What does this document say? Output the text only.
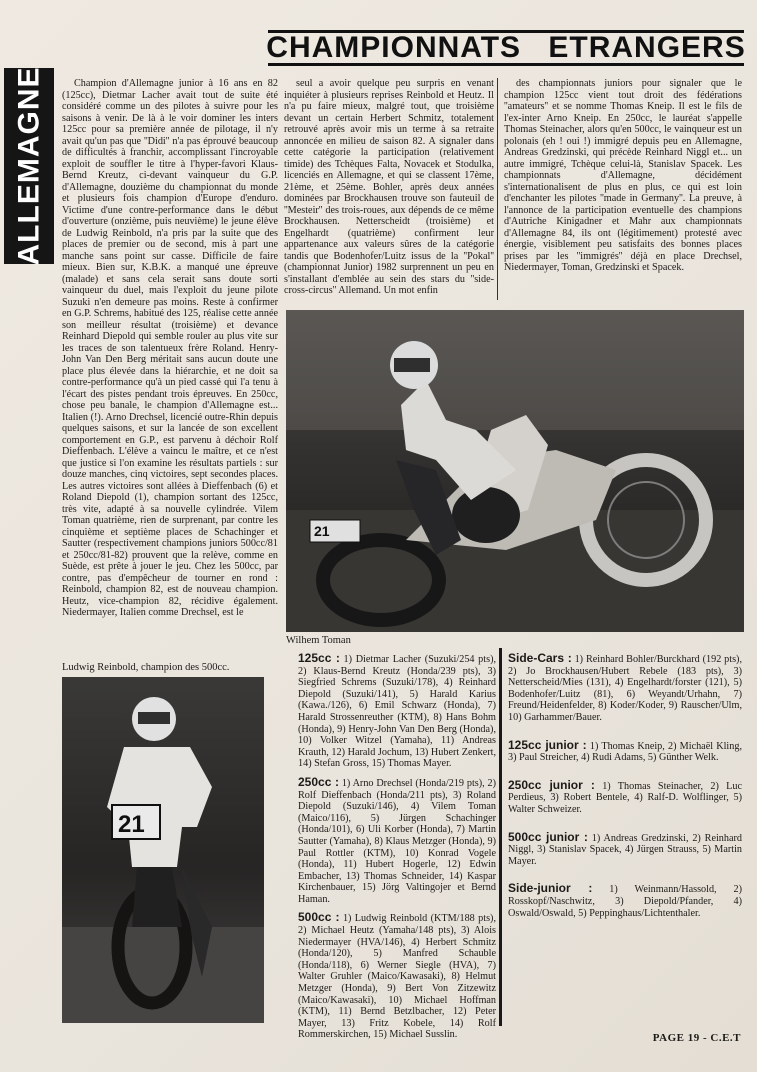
CHAMPIONNATS ETRANGERS
ALLEMAGNE	Champion d'Allemagne junior à 16 ans en 82 (125cc), Dietmar Lacher avait tout de suite été considéré comme un des pilotes à suivre pour les saisons à venir. De là à le voir dominer les inters 125cc pour sa première année de pilotage, il n'y avait qu'un pas que ''Didi'' n'a pas éprouvé beaucoup de difficultés à franchir, accomplissant l'incroyable exploit de souffler le titre à l'hyper-favori Klaus-Bernd Kreutz, ci-devant vainqueur du G.P. d'Allemagne, douzième du championnat du monde et plusieurs fois champion d'Europe d'enduro. Victime d'une contre-performance dans le début d'ouverture (onzième, puis neuvième) le jeune élève de Ludwig Reinbold, n'a pris par la suite que des places de premier ou de second, mis à part une manche sans point sur casse. Difficile de faire mieux. Bien sur, K.B.K. a manqué une épreuve (malade) et sans cela serait sans doute sorti vainqueur du duel, mais l'exploit du jeune pilote Suzuki n'en demeure pas moins. Reste à confirmer en G.P. Schrems, habitué des 125, réalise cette année son meilleur résultat (troisième) et devance Reinhard Diepold qui semble rouler au plus vite sur les traces de son talentueux frère Roland. Henry-John Van Den Berg méritait sans aucun doute une place plus élevée dans la hiérarchie, et ne doit sa contre-performance qu'à un pied cassé qui l'a tenu à l'écart des pistes pendant trois épreuves. En 250cc, chose peu banale, le champion d'Allemagne est... Italien (!). Arno Drechsel, licencié outre-Rhin depuis quelques saisons, et sur la lancée de son excellent comportement en G.P., est parvenu à déchoir Rolf Dieffenbach. L'élève a vaincu le maître, et ce n'est que justice si l'on examine les résultats partiels : sur douze manches, cinq victoires, sept secondes places. Les autres victoires sont allées à Dieffenbach (6) et Roland Diepold (1), champion sortant des 125cc, très vite, adapté à sa nouvelle cylindrée. Vilem Toman quatrième, rien de surprenant, par contre les cinquième et septième places de Schachinger et Sautter (respectivement champions juniors 500cc/81 et 250cc/81-82) prouvent que la relève, comme en Suède, est prête à jouer le jeu. Chez les 500cc, par contre, pas d'empêcheur de tourner en rond : Reinbold, champion 82, est de nouveau champion. Heutz, vice-champion 82, récidive également. Niedermayer, Italien comme Drechsel, est le

seul a avoir quelque peu surpris en venant inquiéter à plusieurs reprises Reinbold et Heutz. Il n'a pu faire mieux, malgré tout, que troisième devant un certain Herbert Schmitz, totalement retrouvé après avoir mis un terme à sa retraite annoncée en milieu de saison 82. A signaler dans cette catégorie la participation (relativement timide) des Tchèques Falta, Novacek et Stodulka, licenciés en Allemagne, et qui se classent 17ème, 21ème, et 25ème. Bohler, après deux années dominées par Brockhausen trouve son fauteuil de ''Mesteir'' des trois-roues, aux dépends de ce même Brockhausen. Netterscheidt (troisième) et Engelhardt (quatrième) confirment leur appartenance aux valeurs sûres de la catégorie tandis que Bodenhofer/Luitz issus de la ''Pokal'' (championnat Junior) 1982 surprennent un peu en s'installant d'emblée au sein des stars du ''side-cross-circus'' Allemand. Un mot enfin

des championnats juniors pour signaler que le champion 125cc vient tout droit des fédérations ''amateurs'' et se nomme Thomas Kneip. Il est le fils de l'ex-inter Arno Kneip. En 250cc, le lauréat s'appelle Thomas Steinacher, alors qu'en 500cc, le vainqueur est un polonais (eh ! oui !) immigré depuis peu en Allemagne, Andreas Gredzinski, qui précède Reinhard Niggl et... un autre immigré, Tchèque celui-là, Stanislav Spacek. Les championnats d'Allemagne, décidément s'internationalisent de plus en plus, ce qui est loin d'enchanter les pilotes ''made in Germany''. La preuve, à l'annonce de la participation eventuelle des champions d'Autriche Kinigadner et Mahr aux championnats d'Allemagne 84, ils ont (légitimement) protesté avec énergie, visiblement peu satisfaits des bonnes places prises par les ''immigrés'' déjà en place Drechsel, Niedermayer, Toman, Gredzinski et Spacek.

21
Wilhem Toman
Ludwig Reinbold, champion des 500cc.
21
125cc : 1) Dietmar Lacher (Suzuki/254 pts), 2) Klaus-Bernd Kreutz (Honda/239 pts), 3) Siegfried Schrems (Suzuki/178), 4) Reinhard Diepold (Suzuki/141), 5) Harald Karius (Kawa./126), 6) Emil Schwarz (Honda), 7) Harald Strossenreuther (KTM), 8) Hans Bohm (Honda), 9) Henry-John Van Den Berg (Honda), 10) Volker Witzel (Yamaha), 11) Andreas Krauth, 12) Harald Jochum, 13) Hubert Zenkert, 14) Stefan Gross, 15) Thomas Mayer.
250cc : 1) Arno Drechsel (Honda/219 pts), 2) Rolf Dieffenbach (Honda/211 pts), 3) Roland Diepold (Suzuki/146), 4) Vilem Toman (Maico/116), 5) Jürgen Schachinger (Honda/101), 6) Uli Korber (Honda), 7) Martin Sautter (Yamaha), 8) Klaus Metzger (Honda), 9) Paul Rottler (KTM), 10) Konrad Vogele (Honda), 11) Hubert Hogerle, 12) Edwin Embacher, 13) Thomas Schneider, 14) Kaspar Kirchenbauer, 15) Jörg Valtingojer et Bernd Haman.
500cc : 1) Ludwig Reinbold (KTM/188 pts), 2) Michael Heutz (Yamaha/148 pts), 3) Alois Niedermayer (HVA/146), 4) Herbert Schmitz (Honda/120), 5) Manfred Schauble (Honda/118), 6) Werner Siegle (HVA), 7) Walter Gruhler (Maico/Kawasaki), 8) Helmut Metzger (Honda), 9) Bert Von Zitzewitz (Maico/Kawasaki), 10) Michael Hoffman (KTM), 11) Bernd Betzlbacher, 12) Peter Mayer, 13) Fritz Kobele, 14) Rolf Rommerskirchen, 15) Michael Susslin.
Side-Cars : 1) Reinhard Bohler/Burckhard (192 pts), 2) Jo Brockhausen/Hubert Rebele (183 pts), 3) Netterscheid/Mies (131), 4) Engelhardt/forster (121), 5) Bodenhofer/Luitz (81), 6) Weyandt/Urhahn, 7) Freund/Heidenfelder, 8) Koder/Koder, 9) Rauscher/Ulm, 10) Garhammer/Bauer.
125cc junior : 1) Thomas Kneip, 2) Michaël Kling, 3) Paul Streicher, 4) Rudi Adams, 5) Günther Welk.
250cc junior : 1) Thomas Steinacher, 2) Luc Perdieus, 3) Robert Bentele, 4) Ralf-D. Wolflinger, 5) Walter Schweizer.
500cc junior : 1) Andreas Gredzinski, 2) Reinhard Niggl, 3) Stanislav Spacek, 4) Jürgen Strauss, 5) Martin Mayer.
Side-junior : 1) Weinmann/Hassold, 2) Rosskopf/Naschwitz, 3) Diepold/Pfander, 4) Oswald/Oswald, 5) Peppinghaus/Lichtenthaler.
PAGE 19 - C.E.T
